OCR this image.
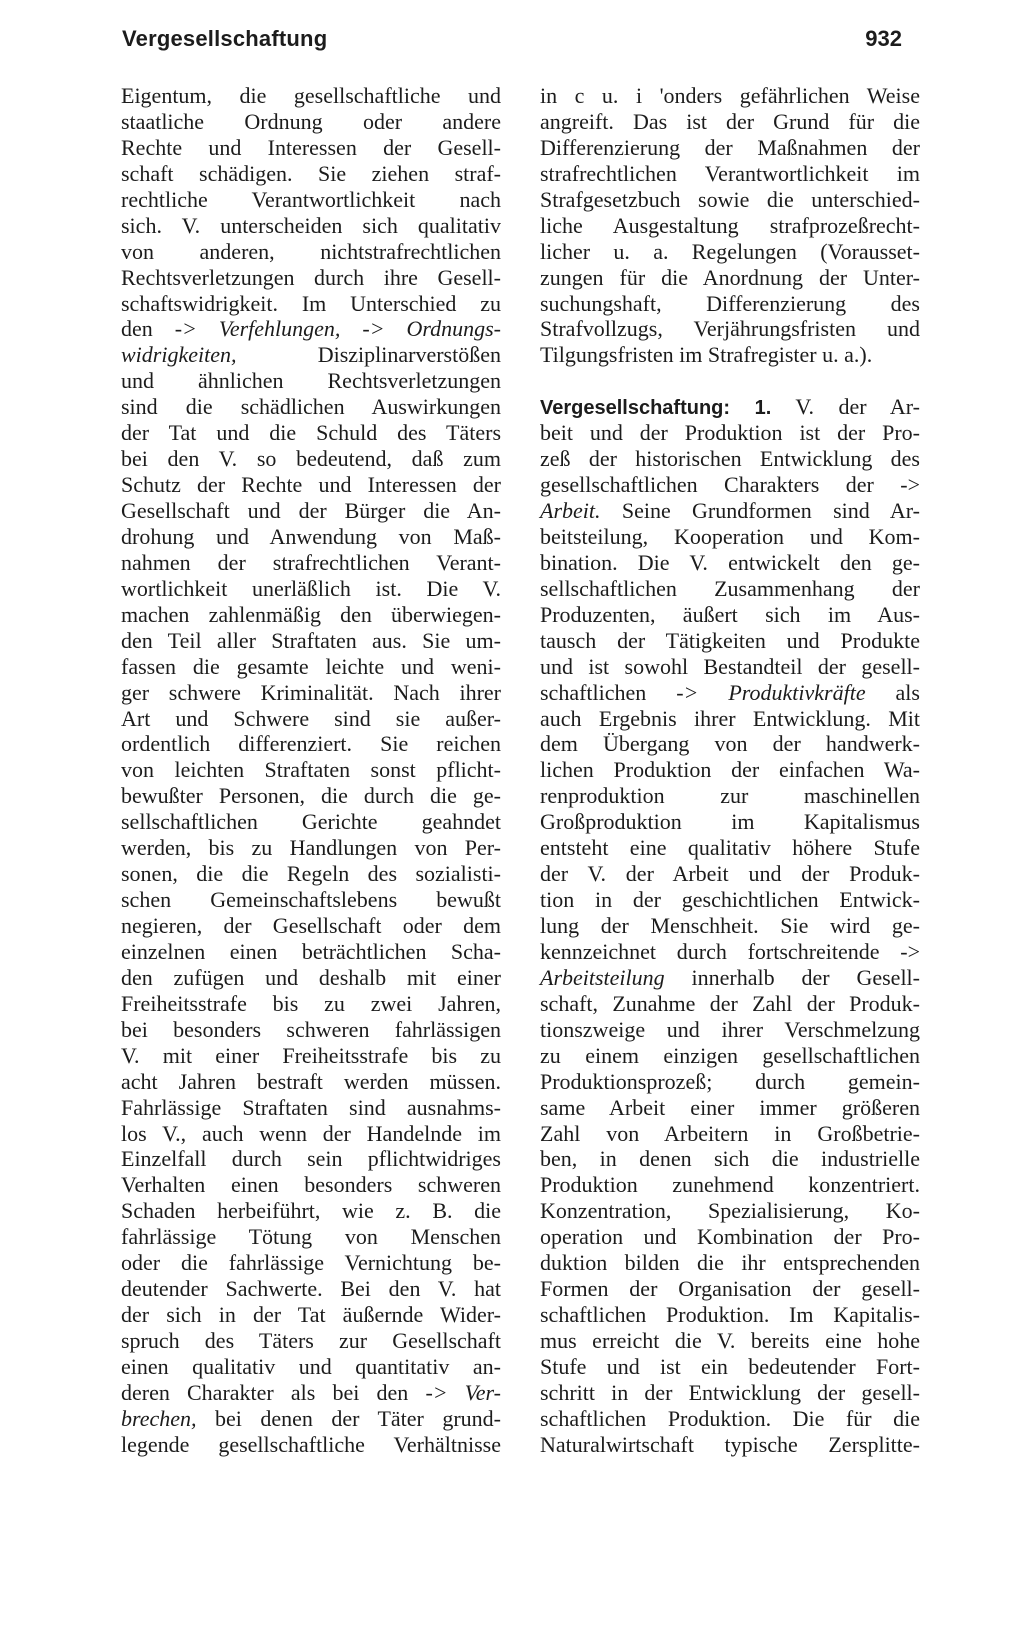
Vergesellschaftung	932
Eigentum, die gesellschaftliche und
staatliche Ordnung oder andere
Rechte und Interessen der Gesell-
schaft schädigen. Sie ziehen straf-
rechtliche Verantwortlichkeit nach
sich. V. unterscheiden sich qualitativ
von anderen, nichtstrafrechtlichen
Rechtsverletzungen durch ihre Gesell-
schaftswidrigkeit. Im Unterschied zu
den -> Verfehlungen, -> Ordnungs-
widrigkeiten, Disziplinarverstößen
und ähnlichen Rechtsverletzungen
sind die schädlichen Auswirkungen
der Tat und die Schuld des Täters
bei den V. so bedeutend, daß zum
Schutz der Rechte und Interessen der
Gesellschaft und der Bürger die An-
drohung und Anwendung von Maß-
nahmen der strafrechtlichen Verant-
wortlichkeit unerläßlich ist. Die V.
machen zahlenmäßig den überwiegen-
den Teil aller Straftaten aus. Sie um-
fassen die gesamte leichte und weni-
ger schwere Kriminalität. Nach ihrer
Art und Schwere sind sie außer-
ordentlich differenziert. Sie reichen
von leichten Straftaten sonst pflicht-
bewußter Personen, die durch die ge-
sellschaftlichen Gerichte geahndet
werden, bis zu Handlungen von Per-
sonen, die die Regeln des sozialisti-
schen Gemeinschaftslebens bewußt
negieren, der Gesellschaft oder dem
einzelnen einen beträchtlichen Scha-
den zufügen und deshalb mit einer
Freiheitsstrafe bis zu zwei Jahren,
bei besonders schweren fahrlässigen
V. mit einer Freiheitsstrafe bis zu
acht Jahren bestraft werden müssen.
Fahrlässige Straftaten sind ausnahms-
los V., auch wenn der Handelnde im
Einzelfall durch sein pflichtwidriges
Verhalten einen besonders schweren
Schaden herbeiführt, wie z. B. die
fahrlässige Tötung von Menschen
oder die fahrlässige Vernichtung be-
deutender Sachwerte. Bei den V. hat
der sich in der Tat äußernde Wider-
spruch des Täters zur Gesellschaft
einen qualitativ und quantitativ an-
deren Charakter als bei den -> Ver-
brechen, bei denen der Täter grund-
legende gesellschaftliche Verhältnisse
in c u. i 'onders gefährlichen Weise
angreift. Das ist der Grund für die
Differenzierung der Maßnahmen der
strafrechtlichen Verantwortlichkeit im
Strafgesetzbuch sowie die unterschied-
liche Ausgestaltung strafprozeßrecht-
licher u. a. Regelungen (Vorausset-
zungen für die Anordnung der Unter-
suchungshaft, Differenzierung des
Strafvollzugs, Verjährungsfristen und
Tilgungsfristen im Strafregister u. a.).
Vergesellschaftung: 1. V. der Ar-
beit und der Produktion ist der Pro-
zeß der historischen Entwicklung des
gesellschaftlichen Charakters der ->
Arbeit. Seine Grundformen sind Ar-
beitsteilung, Kooperation und Kom-
bination. Die V. entwickelt den ge-
sellschaftlichen Zusammenhang der
Produzenten, äußert sich im Aus-
tausch der Tätigkeiten und Produkte
und ist sowohl Bestandteil der gesell-
schaftlichen -> Produktivkräfte als
auch Ergebnis ihrer Entwicklung. Mit
dem Übergang von der handwerk-
lichen Produktion der einfachen Wa-
renproduktion zur maschinellen
Großproduktion im Kapitalismus
entsteht eine qualitativ höhere Stufe
der V. der Arbeit und der Produk-
tion in der geschichtlichen Entwick-
lung der Menschheit. Sie wird ge-
kennzeichnet durch fortschreitende ->
Arbeitsteilung innerhalb der Gesell-
schaft, Zunahme der Zahl der Produk-
tionszweige und ihrer Verschmelzung
zu einem einzigen gesellschaftlichen
Produktionsprozeß; durch gemein-
same Arbeit einer immer größeren
Zahl von Arbeitern in Großbetrie-
ben, in denen sich die industrielle
Produktion zunehmend konzentriert.
Konzentration, Spezialisierung, Ko-
operation und Kombination der Pro-
duktion bilden die ihr entsprechenden
Formen der Organisation der gesell-
schaftlichen Produktion. Im Kapitalis-
mus erreicht die V. bereits eine hohe
Stufe und ist ein bedeutender Fort-
schritt in der Entwicklung der gesell-
schaftlichen Produktion. Die für die
Naturalwirtschaft typische Zersplitte-
